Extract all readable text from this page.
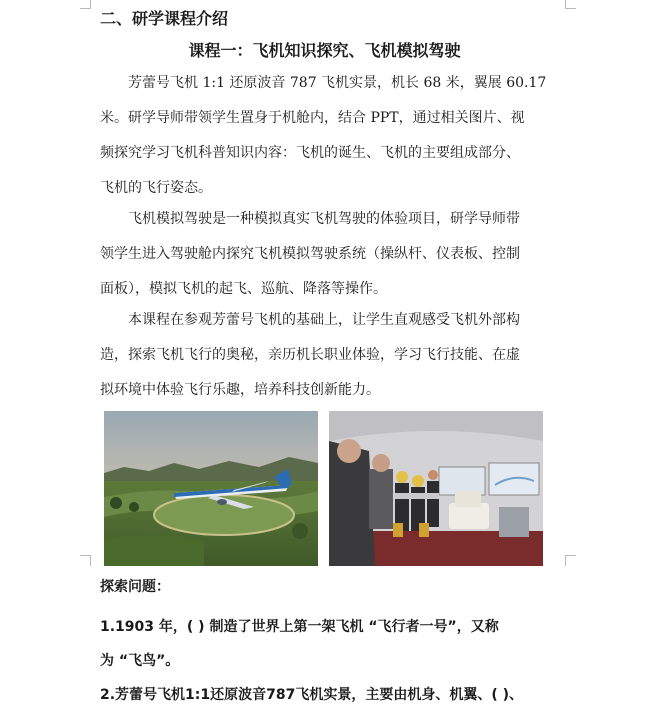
二、研学课程介绍
课程一：飞机知识探究、飞机模拟驾驶
芳蕾号飞机 1:1 还原波音 787 飞机实景，机长 68 米，翼展 60.17
米。研学导师带领学生置身于机舱内，结合 PPT，通过相关图片、视
频探究学习飞机科普知识内容：飞机的诞生、飞机的主要组成部分、
飞机的飞行姿态。
飞机模拟驾驶是一种模拟真实飞机驾驶的体验项目，研学导师带
领学生进入驾驶舱内探究飞机模拟驾驶系统（操纵杆、仪表板、控制
面板），模拟飞机的起飞、巡航、降落等操作。
本课程在参观芳蕾号飞机的基础上，让学生直观感受飞机外部构
造，探索飞机飞行的奥秘，亲历机长职业体验，学习飞行技能、在虚
拟环境中体验飞行乐趣，培养科技创新能力。
探索问题：
1.1903 年，( ) 制造了世界上第一架飞机 “飞行者一号”，又称
为 “飞鸟”。
2.芳蕾号飞机1:1还原波音787飞机实景，主要由机身、机翼、( )、
